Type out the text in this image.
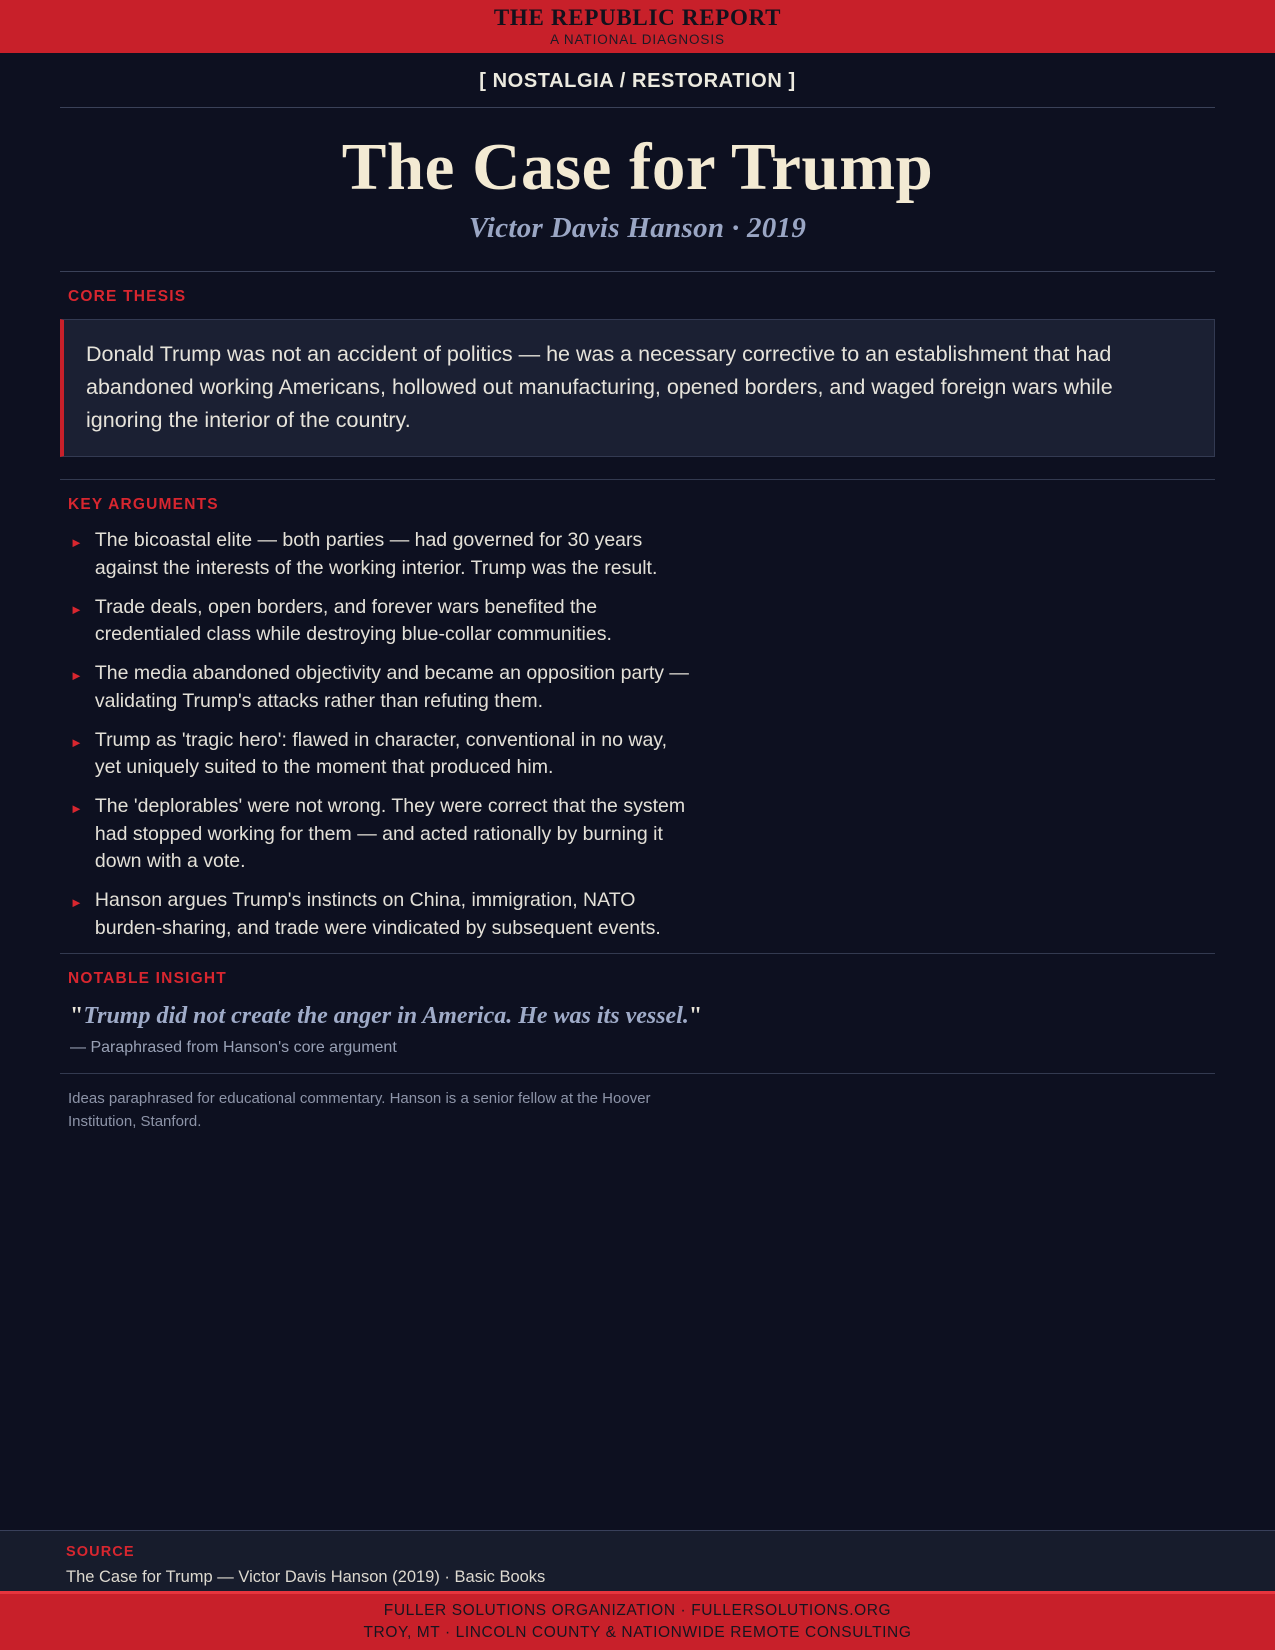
THE REPUBLIC REPORT
A NATIONAL DIAGNOSIS
[ NOSTALGIA / RESTORATION ]
The Case for Trump
Victor Davis Hanson · 2019
CORE THESIS
Donald Trump was not an accident of politics — he was a necessary corrective to an establishment that had abandoned working Americans, hollowed out manufacturing, opened borders, and waged foreign wars while ignoring the interior of the country.
KEY ARGUMENTS
► The bicoastal elite — both parties — had governed for 30 years against the interests of the working interior. Trump was the result.
► Trade deals, open borders, and forever wars benefited the credentialed class while destroying blue-collar communities.
► The media abandoned objectivity and became an opposition party — validating Trump's attacks rather than refuting them.
► Trump as 'tragic hero': flawed in character, conventional in no way, yet uniquely suited to the moment that produced him.
► The 'deplorables' were not wrong. They were correct that the system had stopped working for them — and acted rationally by burning it down with a vote.
► Hanson argues Trump's instincts on China, immigration, NATO burden-sharing, and trade were vindicated by subsequent events.
NOTABLE INSIGHT
"Trump did not create the anger in America. He was its vessel."
— Paraphrased from Hanson's core argument
Ideas paraphrased for educational commentary. Hanson is a senior fellow at the Hoover Institution, Stanford.
SOURCE
The Case for Trump — Victor Davis Hanson (2019) · Basic Books
FULLER SOLUTIONS ORGANIZATION · FULLERSOLUTIONS.ORG
TROY, MT · LINCOLN COUNTY & NATIONWIDE REMOTE CONSULTING
